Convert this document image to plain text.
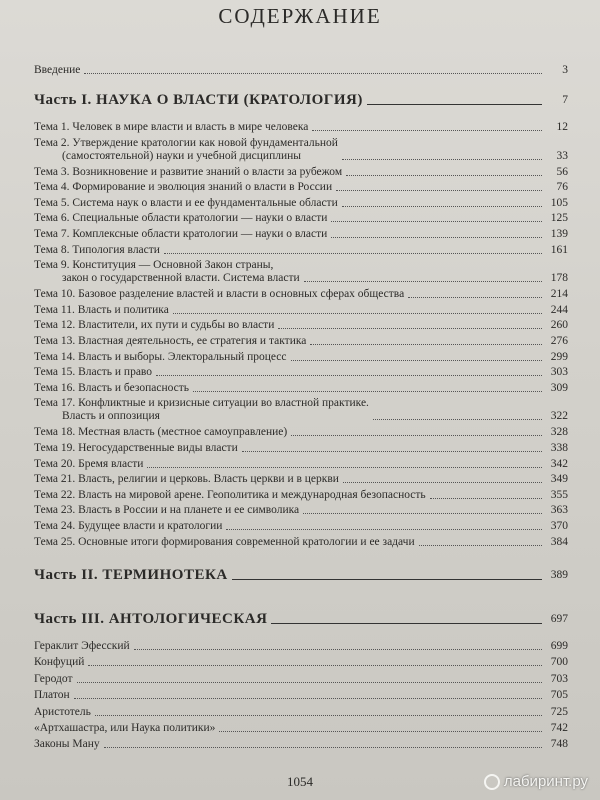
СОДЕРЖАНИЕ
Введение	3
Часть I. НАУКА О ВЛАСТИ (КРАТОЛОГИЯ)	7
Тема 1. Человек в мире власти и власть в мире человека	12
Тема 2. Утверждение кратологии как новой фундаментальной
(самостоятельной) науки и учебной дисциплины	33
Тема 3. Возникновение и развитие знаний о власти за рубежом	56
Тема 4. Формирование и эволюция знаний о власти в России	76
Тема 5. Система наук о власти и ее фундаментальные области	105
Тема 6. Специальные области кратологии — науки о власти	125
Тема 7. Комплексные области кратологии — науки о власти	139
Тема 8. Типология власти	161
Тема 9. Конституция — Основной Закон страны,
закон о государственной власти. Система власти	178
Тема 10. Базовое разделение властей и власти в основных сферах общества	214
Тема 11. Власть и политика	244
Тема 12. Властители, их пути и судьбы во власти	260
Тема 13. Властная деятельность, ее стратегия и тактика	276
Тема 14. Власть и выборы. Электоральный процесс	299
Тема 15. Власть и право	303
Тема 16. Власть и безопасность	309
Тема 17. Конфликтные и кризисные ситуации во властной практике.
Власть и оппозиция	322
Тема 18. Местная власть (местное самоуправление)	328
Тема 19. Негосударственные виды власти	338
Тема 20. Бремя власти	342
Тема 21. Власть, религии и церковь. Власть церкви и в церкви	349
Тема 22. Власть на мировой арене. Геополитика и международная безопасность	355
Тема 23. Власть в России и на планете и ее символика	363
Тема 24. Будущее власти и кратологии	370
Тема 25. Основные итоги формирования современной кратологии и ее задачи	384
Часть II. ТЕРМИНОТЕКА	389
Часть III. АНТОЛОГИЧЕСКАЯ	697
Гераклит Эфесский	699
Конфуций	700
Геродот	703
Платон	705
Аристотель	725
«Артхашастра, или Наука политики»	742
Законы Ману	748
1054	лабиринт.ру
